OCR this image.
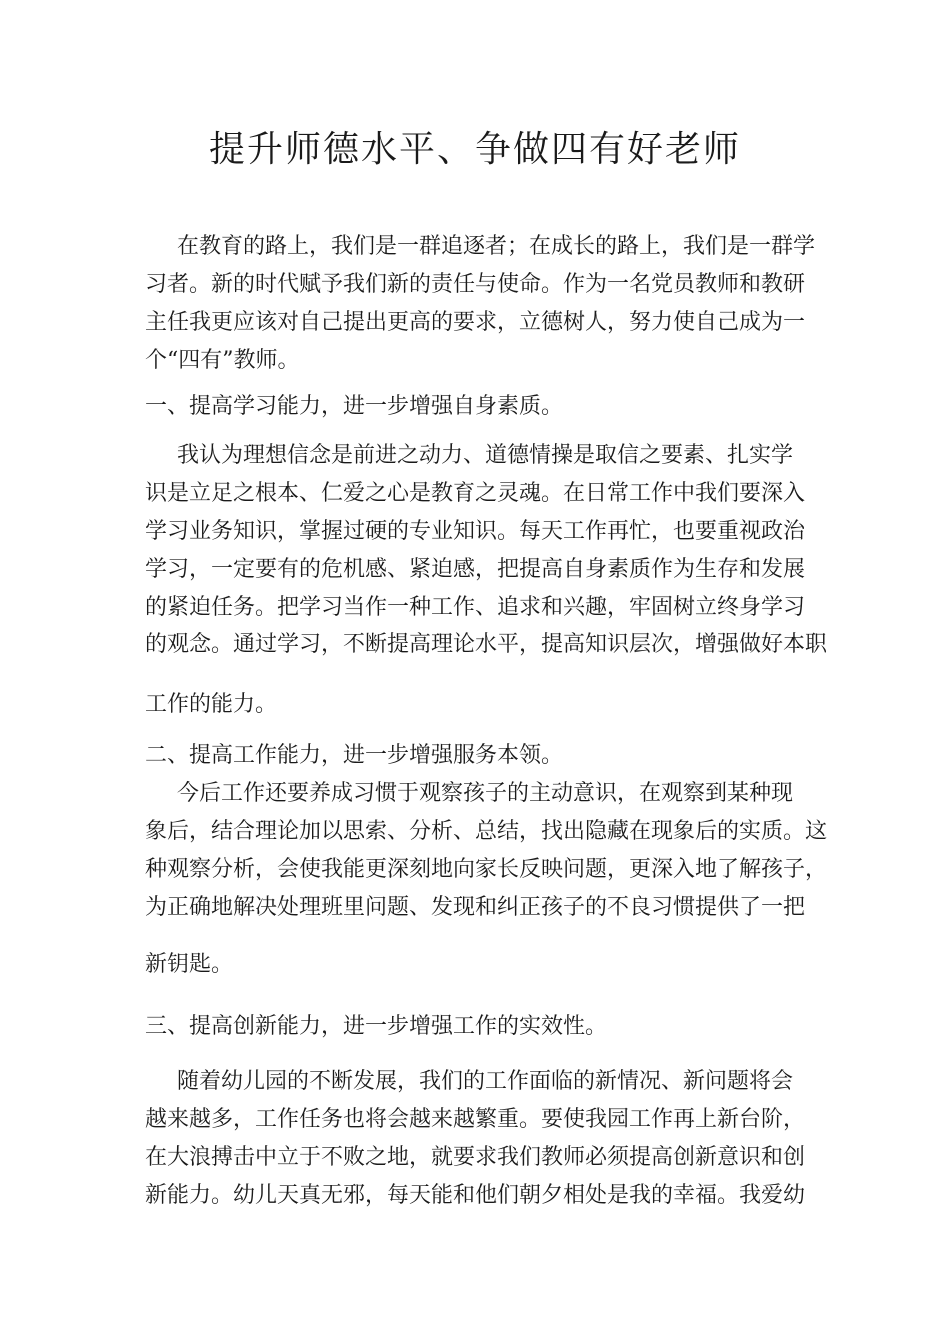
提升师德水平、争做四有好老师

在教育的路上，我们是一群追逐者；在成长的路上，我们是一群学

习者。新的时代赋予我们新的责任与使命。作为一名党员教师和教研

主任我更应该对自己提出更高的要求，立德树人，努力使自己成为一

个“四有”教师。

一、提高学习能力，进一步增强自身素质。

我认为理想信念是前进之动力、道德情操是取信之要素、扎实学

识是立足之根本、仁爱之心是教育之灵魂。在日常工作中我们要深入

学习业务知识，掌握过硬的专业知识。每天工作再忙，也要重视政治

学习，一定要有的危机感、紧迫感，把提高自身素质作为生存和发展

的紧迫任务。把学习当作一种工作、追求和兴趣，牢固树立终身学习

的观念。通过学习，不断提高理论水平，提高知识层次，增强做好本职

工作的能力。

二、提高工作能力，进一步增强服务本领。

今后工作还要养成习惯于观察孩子的主动意识，在观察到某种现

象后，结合理论加以思索、分析、总结，找出隐藏在现象后的实质。这

种观察分析，会使我能更深刻地向家长反映问题，更深入地了解孩子，

为正确地解决处理班里问题、发现和纠正孩子的不良习惯提供了一把

新钥匙。

三、提高创新能力，进一步增强工作的实效性。

随着幼儿园的不断发展，我们的工作面临的新情况、新问题将会

越来越多，工作任务也将会越来越繁重。要使我园工作再上新台阶，

在大浪搏击中立于不败之地，就要求我们教师必须提高创新意识和创

新能力。幼儿天真无邪，每天能和他们朝夕相处是我的幸福。我爱幼
